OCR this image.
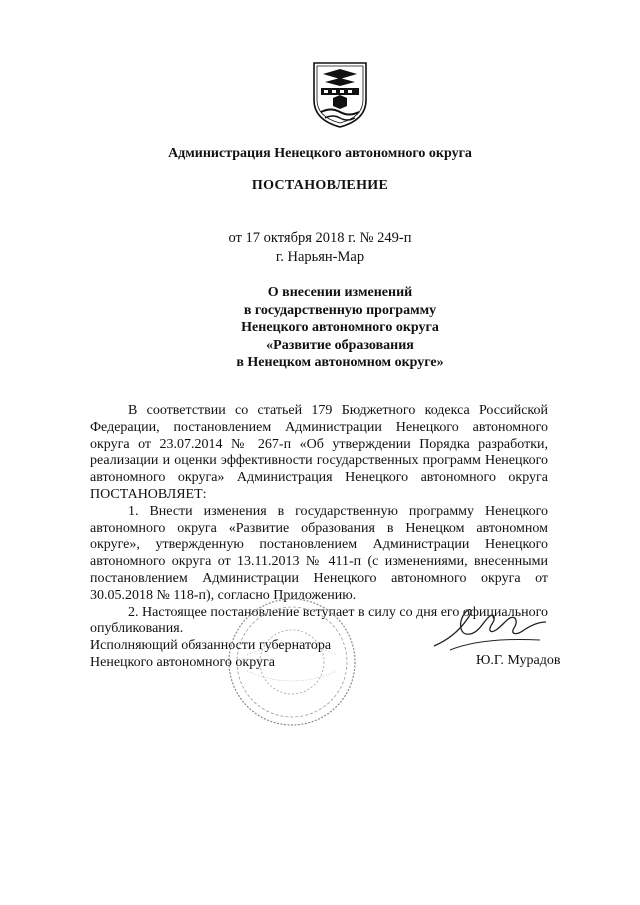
Администрация Ненецкого автономного округа
ПОСТАНОВЛЕНИЕ
от 17 октября 2018 г. № 249-п
г. Нарьян-Мар
О внесении изменений
в государственную программу
Ненецкого автономного округа
«Развитие образования
в Ненецком автономном округе»

В соответствии со статьей 179 Бюджетного кодекса Российской Федерации, постановлением Администрации Ненецкого автономного округа от 23.07.2014 № 267-п «Об утверждении Порядка разработки, реализации и оценки эффективности государственных программ Ненецкого автономного округа» Администрация Ненецкого автономного округа ПОСТАНОВЛЯЕТ:

1. Внести изменения в государственную программу Ненецкого автономного округа «Развитие образования в Ненецком автономном округе», утвержденную постановлением Администрации Ненецкого автономного округа от 13.11.2013 № 411-п (с изменениями, внесенными постановлением Администрации Ненецкого автономного округа от 30.05.2018 № 118-п), согласно Приложению.

2. Настоящее постановление вступает в силу со дня его официального опубликования.

Исполняющий обязанности губернатора
Ненецкого автономного округа	Ю.Г. Мурадов
